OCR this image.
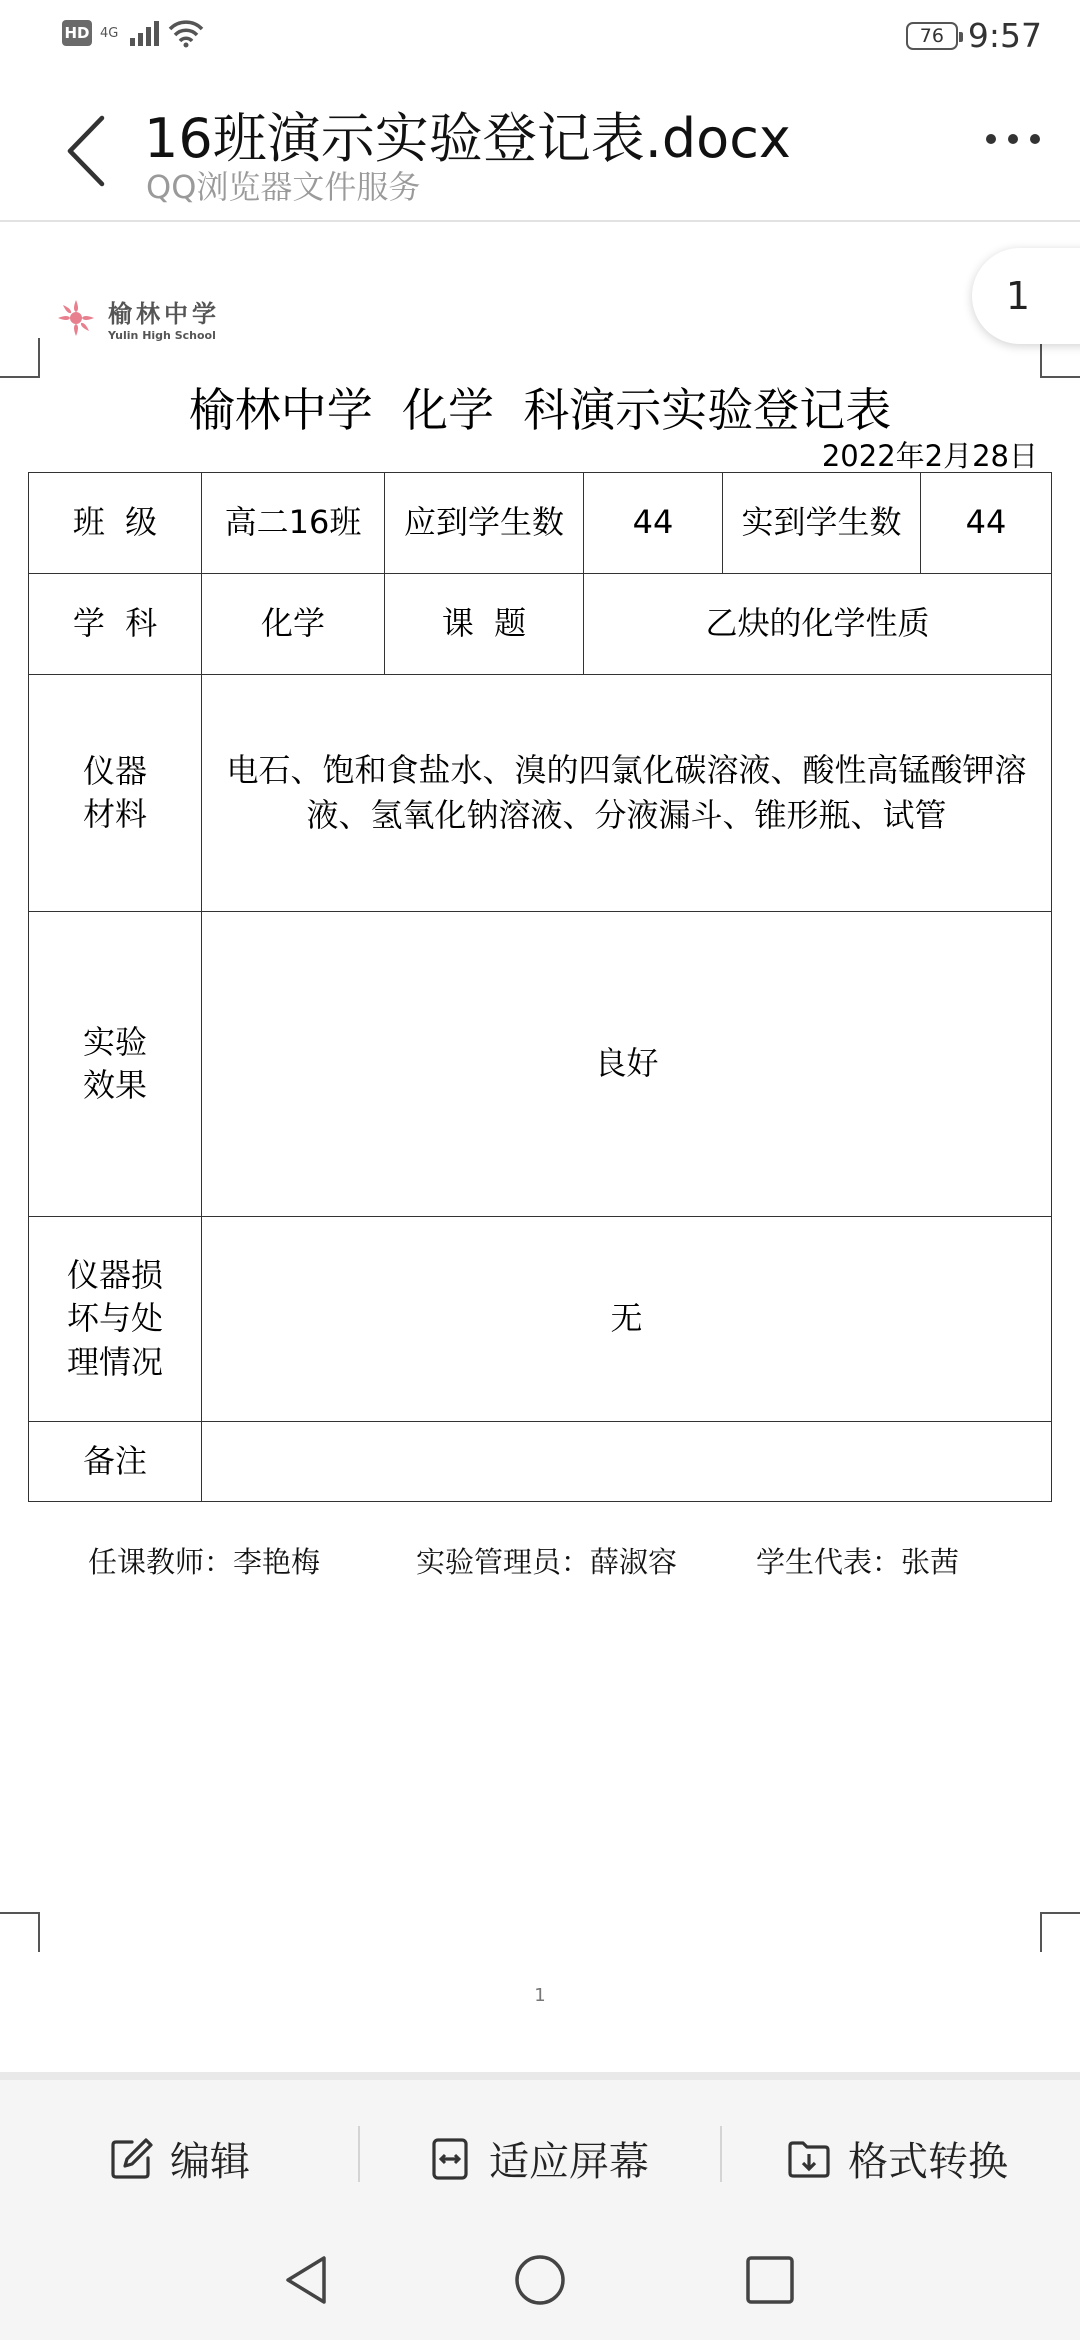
HD 4G	76 9:57
16班演示实验登记表.docx
QQ浏览器文件服务
1
榆林中学
Yulin High School
榆林中学  化学  科演示实验登记表
2022年2月28日
班  级	高二16班	应到学生数	44	实到学生数	44
学  科	化学	课  题	乙炔的化学性质		
仪器
材料	电石、饱和食盐水、溴的四氯化碳溶液、酸性高锰酸钾溶液、氢氧化钠溶液、分液漏斗、锥形瓶、试管				
实验
效果	良好				
仪器损
坏与处
理情况	无				
备注					
任课教师：李艳梅	实验管理员：薛淑容	学生代表：张茜
1
编辑	适应屏幕	格式转换
